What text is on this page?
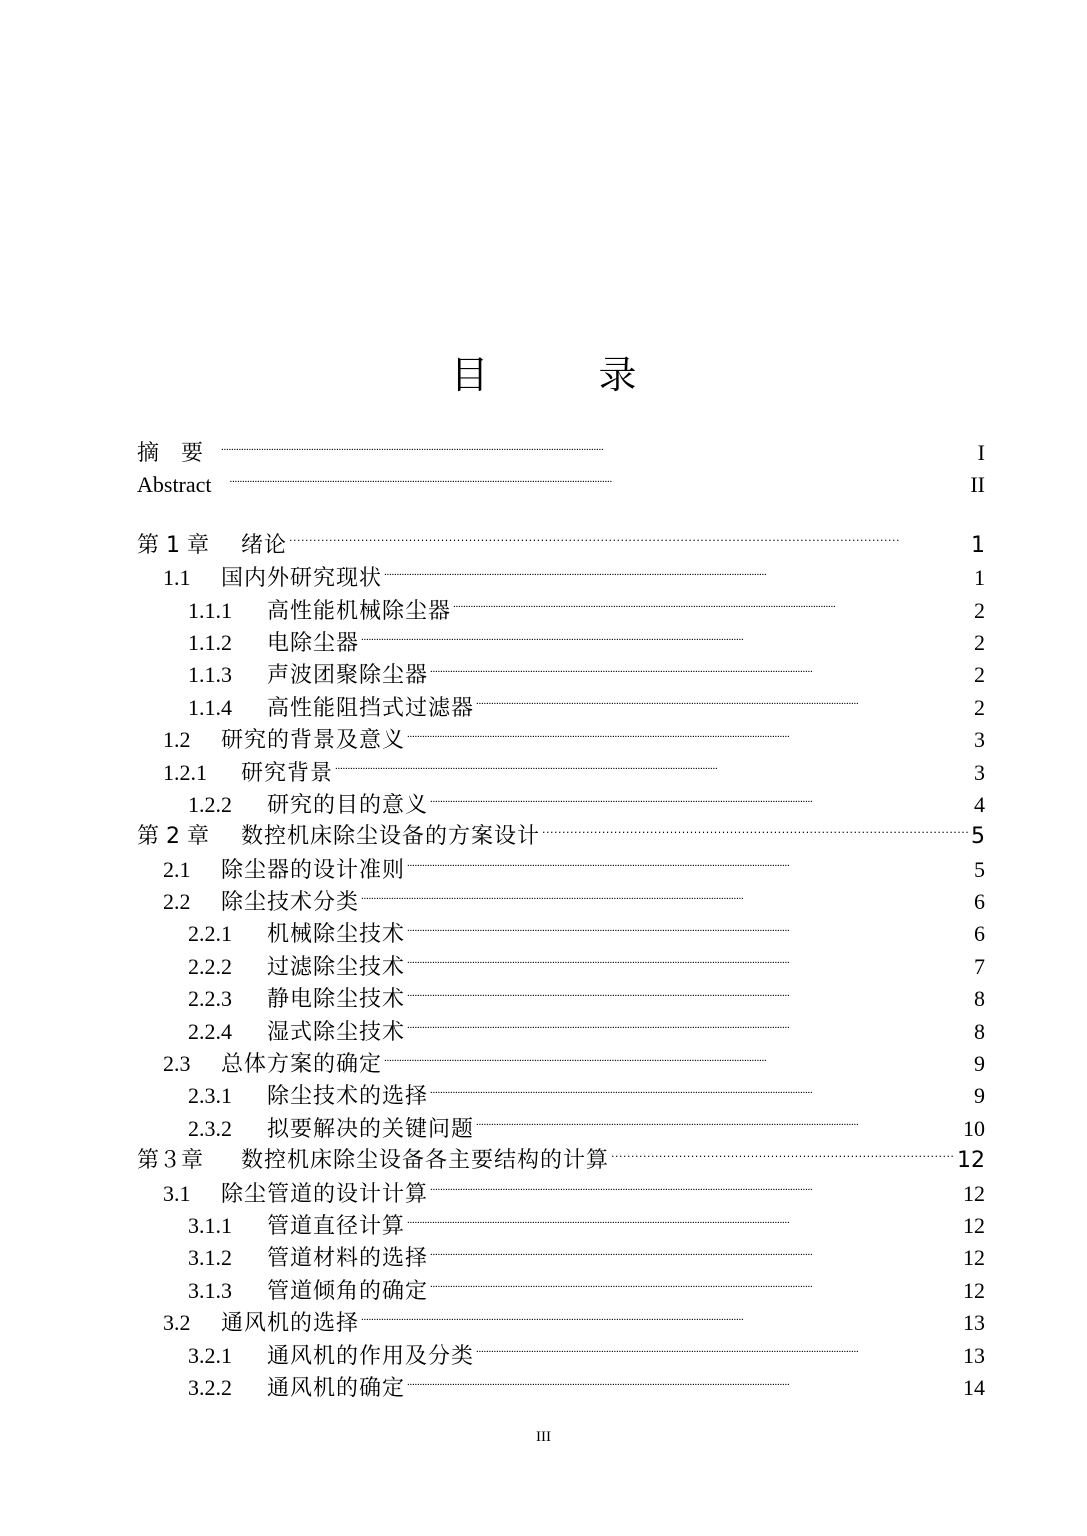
目　录
摘　要 . . .	I
Abstract . . .	II
第 1 章	绪论 . . .	1
1.1	国内外研究现状 . . .	1
1.1.1	高性能机械除尘器 . . .	2
1.1.2	电除尘器 . . .	2
1.1.3	声波团聚除尘器 . . .	2
1.1.4	高性能阻挡式过滤器 . . .	2
1.2	研究的背景及意义 . . .	3
1.2.1	研究背景 . . .	3
1.2.2	研究的目的意义 . . .	4
第 2 章	数控机床除尘设备的方案设计 . . .	5
2.1	除尘器的设计准则 . . .	5
2.2	除尘技术分类 . . .	6
2.2.1	机械除尘技术 . . .	6
2.2.2	过滤除尘技术 . . .	7
2.2.3	静电除尘技术 . . .	8
2.2.4	湿式除尘技术 . . .	8
2.3	总体方案的确定 . . .	9
2.3.1	除尘技术的选择 . . .	9
2.3.2	拟要解决的关键问题 . . .	10
第３章	数控机床除尘设备各主要结构的计算 . . .	12
3.1	除尘管道的设计计算 . . .	12
3.1.1	管道直径计算 . . .	12
3.1.2	管道材料的选择 . . .	12
3.1.3	管道倾角的确定 . . .	12
3.2	通风机的选择 . . .	13
3.2.1	通风机的作用及分类 . . .	13
3.2.2	通风机的确定 . . .	14
III
